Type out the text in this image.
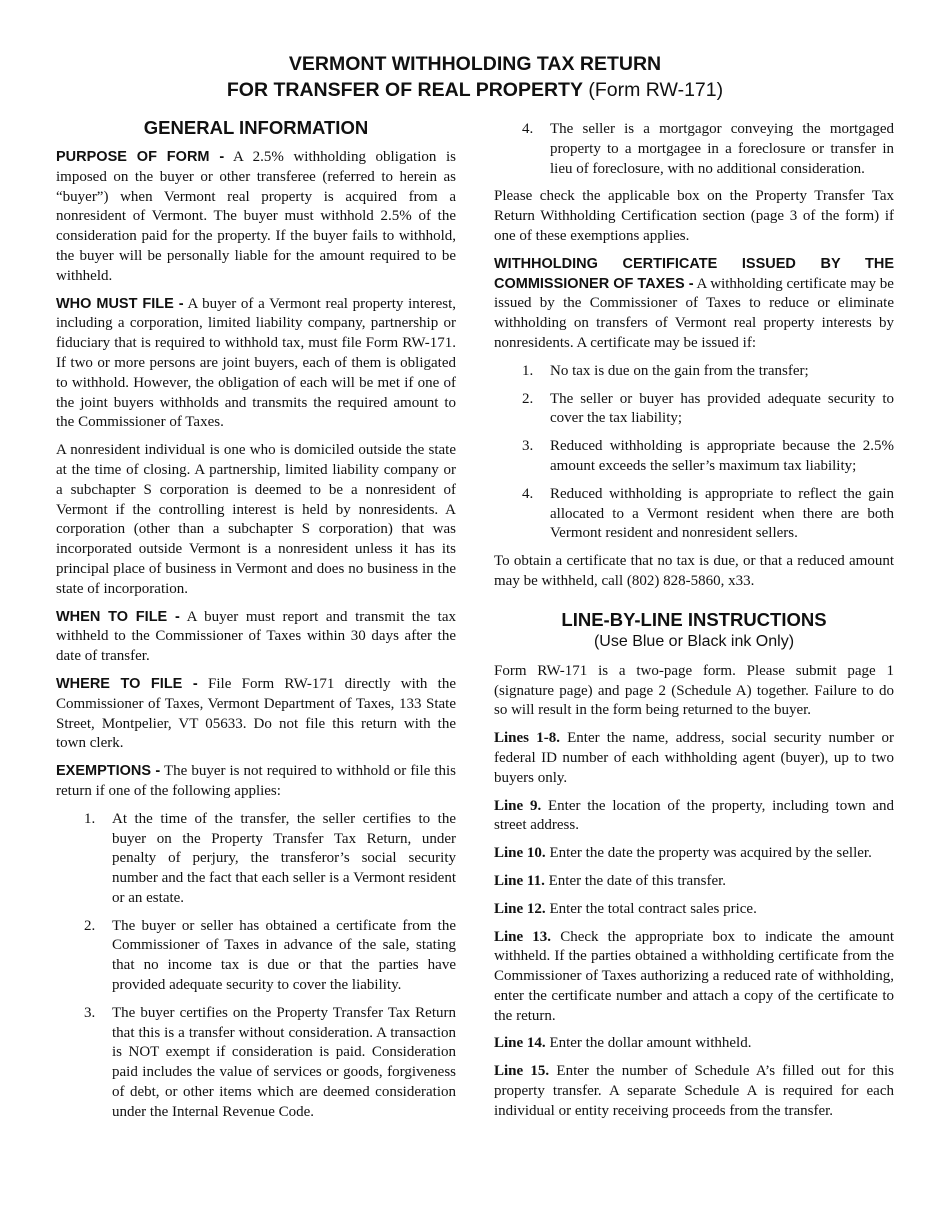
VERMONT WITHHOLDING TAX RETURN
FOR TRANSFER OF REAL PROPERTY (Form RW-171)
GENERAL INFORMATION

PURPOSE OF FORM - A 2.5% withholding obligation is imposed on the buyer or other transferee (referred to herein as “buyer”) when Vermont real property is acquired from a nonresident of Vermont. The buyer must withhold 2.5% of the consideration paid for the property. If the buyer fails to withhold, the buyer will be personally liable for the amount required to be withheld.

WHO MUST FILE - A buyer of a Vermont real property interest, including a corporation, limited liability company, partnership or fiduciary that is required to withhold tax, must file Form RW-171. If two or more persons are joint buyers, each of them is obligated to withhold. However, the obligation of each will be met if one of the joint buyers withholds and transmits the required amount to the Commissioner of Taxes.

A nonresident individual is one who is domiciled outside the state at the time of closing. A partnership, limited liability company or a subchapter S corporation is deemed to be a nonresident of Vermont if the controlling interest is held by nonresidents. A corporation (other than a subchapter S corporation) that was incorporated outside Vermont is a nonresident unless it has its principal place of business in Vermont and does no business in the state of incorporation.

WHEN TO FILE - A buyer must report and transmit the tax withheld to the Commissioner of Taxes within 30 days after the date of transfer.

WHERE TO FILE - File Form RW-171 directly with the Commissioner of Taxes, Vermont Department of Taxes, 133 State Street, Montpelier, VT 05633. Do not file this return with the town clerk.

EXEMPTIONS - The buyer is not required to withhold or file this return if one of the following applies:

1. At the time of the transfer, the seller certifies to the buyer on the Property Transfer Tax Return, under penalty of perjury, the transferor’s social security number and the fact that each seller is a Vermont resident or an estate.
2. The buyer or seller has obtained a certificate from the Commissioner of Taxes in advance of the sale, stating that no income tax is due or that the parties have provided adequate security to cover the liability.
3. The buyer certifies on the Property Transfer Tax Return that this is a transfer without consideration. A transaction is NOT exempt if consideration is paid. Consideration paid includes the value of services or goods, forgiveness of debt, or other items which are deemed consideration under the Internal Revenue Code.
4. The seller is a mortgagor conveying the mortgaged property to a mortgagee in a foreclosure or transfer in lieu of foreclosure, with no additional consideration.

Please check the applicable box on the Property Transfer Tax Return Withholding Certification section (page 3 of the form) if one of these exemptions applies.

WITHHOLDING CERTIFICATE ISSUED BY THE COMMISSIONER OF TAXES - A withholding certificate may be issued by the Commissioner of Taxes to reduce or eliminate withholding on transfers of Vermont real property interests by nonresidents. A certificate may be issued if:

1. No tax is due on the gain from the transfer;
2. The seller or buyer has provided adequate security to cover the tax liability;
3. Reduced withholding is appropriate because the 2.5% amount exceeds the seller’s maximum tax liability;
4. Reduced withholding is appropriate to reflect the gain allocated to a Vermont resident when there are both Vermont resident and nonresident sellers.

To obtain a certificate that no tax is due, or that a reduced amount may be withheld, call (802) 828-5860, x33.

LINE-BY-LINE INSTRUCTIONS
(Use Blue or Black ink Only)

Form RW-171 is a two-page form. Please submit page 1 (signature page) and page 2 (Schedule A) together. Failure to do so will result in the form being returned to the buyer.

Lines 1-8. Enter the name, address, social security number or federal ID number of each withholding agent (buyer), up to two buyers only.

Line 9. Enter the location of the property, including town and street address.

Line 10. Enter the date the property was acquired by the seller.

Line 11. Enter the date of this transfer.

Line 12. Enter the total contract sales price.

Line 13. Check the appropriate box to indicate the amount withheld. If the parties obtained a withholding certificate from the Commissioner of Taxes authorizing a reduced rate of withholding, enter the certificate number and attach a copy of the certificate to the return.

Line 14. Enter the dollar amount withheld.

Line 15. Enter the number of Schedule A’s filled out for this property transfer. A separate Schedule A is required for each individual or entity receiving proceeds from the transfer.
